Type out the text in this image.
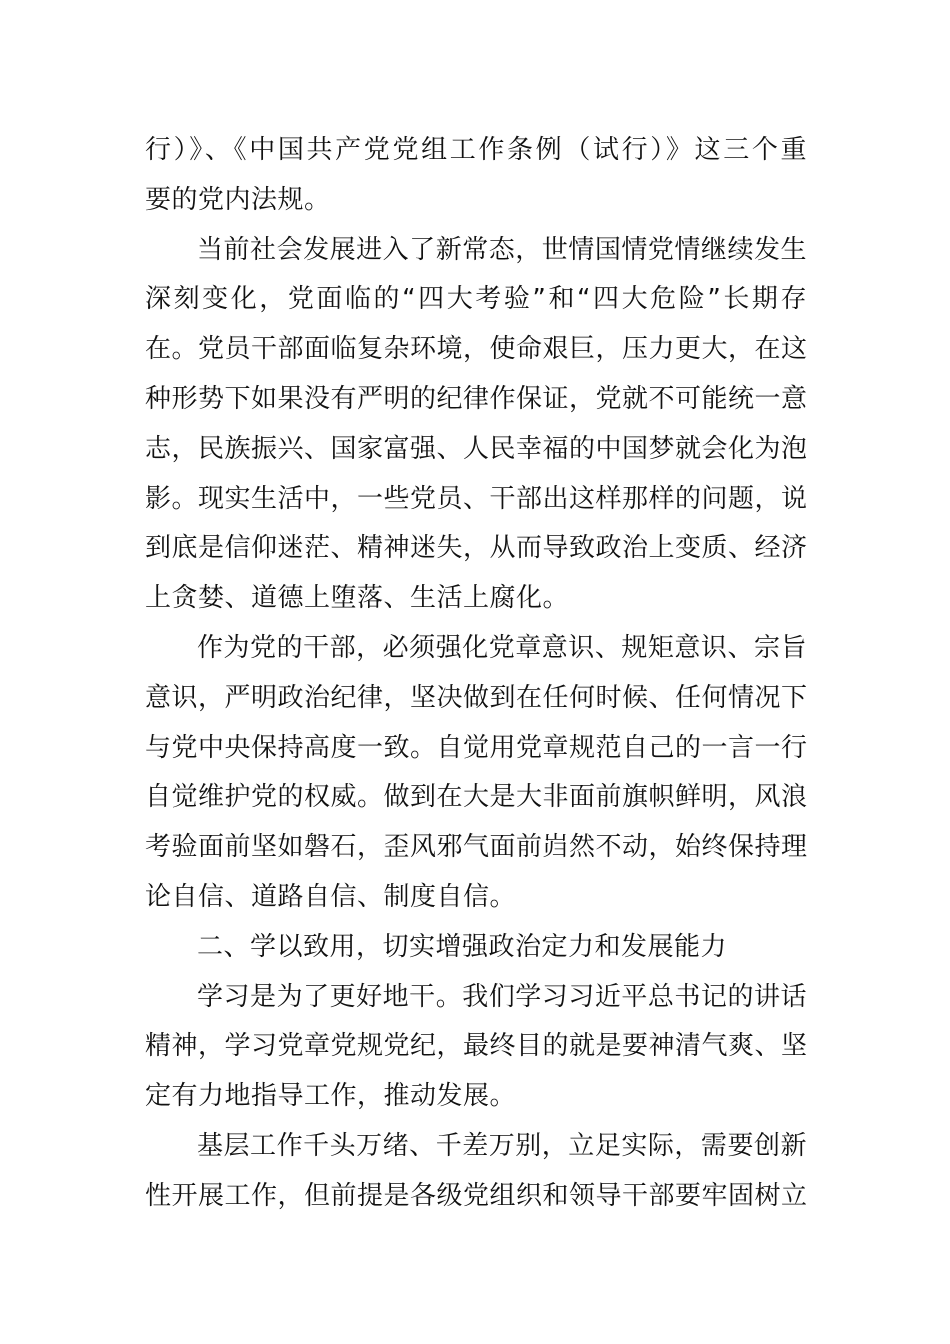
行）》、《中国共产党党组工作条例（试行）》这三个重
要的党内法规。
当前社会发展进入了新常态，世情国情党情继续发生
深刻变化，党面临的“四大考验”和“四大危险”长期存
在。党员干部面临复杂环境，使命艰巨，压力更大，在这
种形势下如果没有严明的纪律作保证，党就不可能统一意
志，民族振兴、国家富强、人民幸福的中国梦就会化为泡
影。现实生活中，一些党员、干部出这样那样的问题，说
到底是信仰迷茫、精神迷失，从而导致政治上变质、经济
上贪婪、道德上堕落、生活上腐化。
作为党的干部，必须强化党章意识、规矩意识、宗旨
意识，严明政治纪律，坚决做到在任何时候、任何情况下
与党中央保持高度一致。自觉用党章规范自己的一言一行
自觉维护党的权威。做到在大是大非面前旗帜鲜明，风浪
考验面前坚如磐石，歪风邪气面前岿然不动，始终保持理
论自信、道路自信、制度自信。
二、学以致用，切实增强政治定力和发展能力
学习是为了更好地干。我们学习习近平总书记的讲话
精神，学习党章党规党纪，最终目的就是要神清气爽、坚
定有力地指导工作，推动发展。
基层工作千头万绪、千差万别，立足实际，需要创新
性开展工作，但前提是各级党组织和领导干部要牢固树立
